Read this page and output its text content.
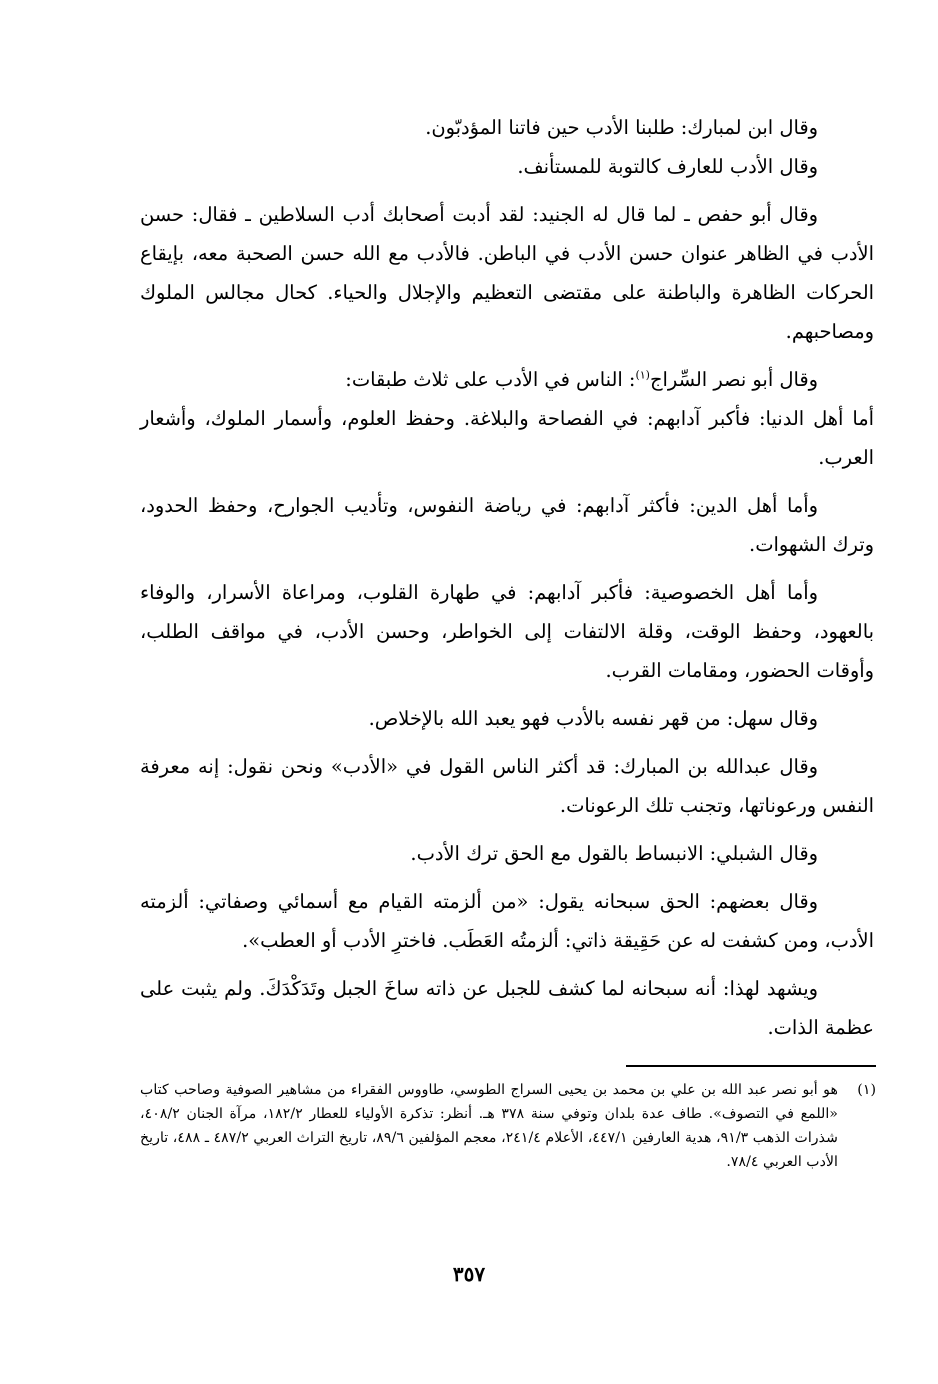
وقال ابن لمبارك: طلبنا الأدب حين فاتنا المؤدبّون.

وقال الأدب للعارف كالتوبة للمستأنف.

وقال أبو حفص ـ لما قال له الجنيد: لقد أدبت أصحابك أدب السلاطين ـ فقال: حسن الأدب في الظاهر عنوان حسن الأدب في الباطن. فالأدب مع الله حسن الصحبة معه، بإيقاع الحركات الظاهرة والباطنة على مقتضى التعظيم والإجلال والحياء. كحال مجالس الملوك ومصاحبهم.

وقال أبو نصر السِّراج$^{(١)}$: الناس في الأدب على ثلاث طبقات:

أما أهل الدنيا: فأكبر آدابهم: في الفصاحة والبلاغة. وحفظ العلوم، وأسمار الملوك، وأشعار العرب.

وأما أهل الدين: فأكثر آدابهم: في رياضة النفوس، وتأديب الجوارح، وحفظ الحدود، وترك الشهوات.

وأما أهل الخصوصية: فأكبر آدابهم: في طهارة القلوب، ومراعاة الأسرار، والوفاء بالعهود، وحفظ الوقت، وقلة الالتفات إلى الخواطر، وحسن الأدب، في مواقف الطلب، وأوقات الحضور، ومقامات القرب.

وقال سهل: من قهر نفسه بالأدب فهو يعبد الله بالإخلاص.

وقال عبدالله بن المبارك: قد أكثر الناس القول في «الأدب» ونحن نقول: إنه معرفة النفس ورعوناتها، وتجنب تلك الرعونات.

وقال الشبلي: الانبساط بالقول مع الحق ترك الأدب.

وقال بعضهم: الحق سبحانه يقول: «من ألزمته القيام مع أسمائي وصفاتي: ألزمته الأدب، ومن كشفت له عن حَقِيقة ذاتي: ألزمتُه العَطَب. فاخترِ الأدب أو العطب».

ويشهد لهذا: أنه سبحانه لما كشف للجبل عن ذاته ساخَ الجبل وتَدَكْدَكَ. ولم يثبت على عظمة الذات.

(١)
هو أبو نصر عبد الله بن علي بن محمد بن يحيى السراج الطوسي، طاووس الفقراء من مشاهير الصوفية وصاحب كتاب «اللمع في التصوف». طاف عدة بلدان وتوفي سنة ٣٧٨ هـ. أنظر: تذكرة الأولياء للعطار ١٨٢/٢، مرآة الجنان ٤٠٨/٢، شذرات الذهب ٩١/٣، هدية العارفين ٤٤٧/١، الأعلام ٢٤١/٤، معجم المؤلفين ٨٩/٦، تاريخ التراث العربي ٤٨٧/٢ ـ ٤٨٨، تاريخ الأدب العربي ٧٨/٤.
٣٥٧
